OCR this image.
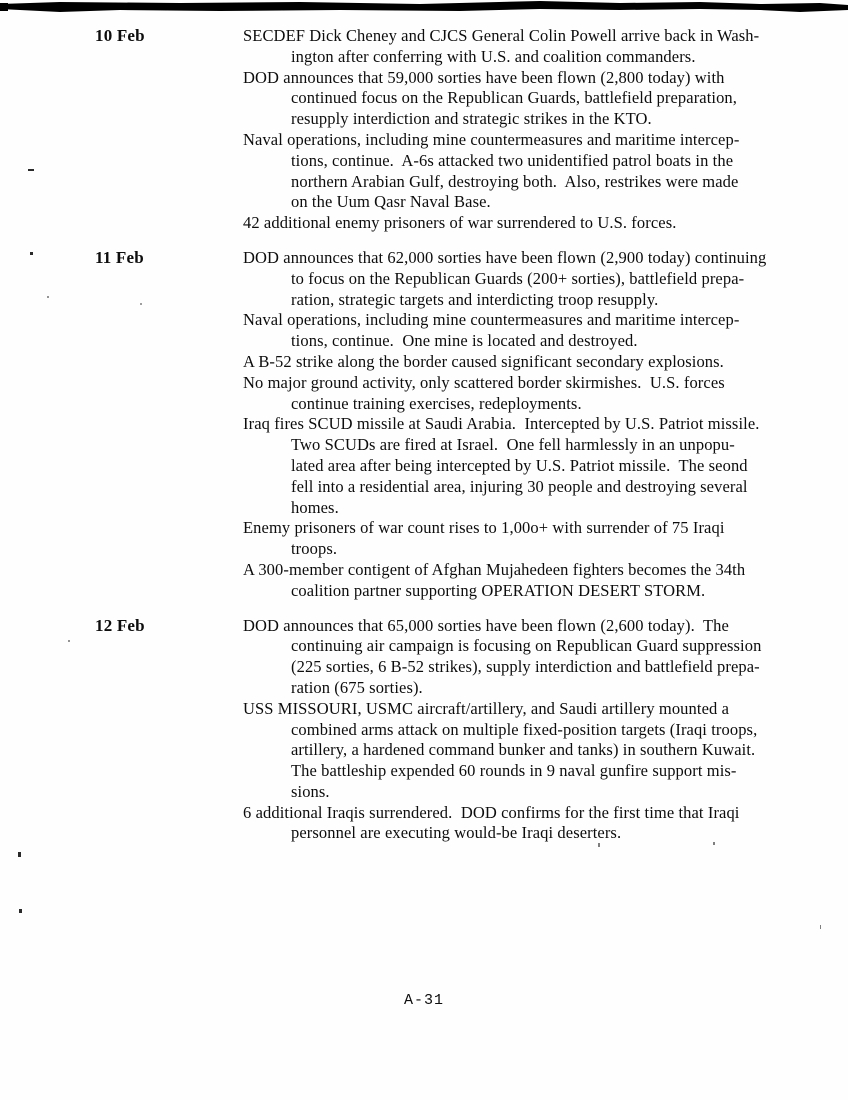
10 Feb	SECDEF Dick Cheney and CJCS General Colin Powell arrive back in Wash-
ington after conferring with U.S. and coalition commanders.
DOD announces that 59,000 sorties have been flown (2,800 today) with
continued focus on the Republican Guards, battlefield preparation,
resupply interdiction and strategic strikes in the KTO.
Naval operations, including mine countermeasures and maritime intercep-
tions, continue.  A-6s attacked two unidentified patrol boats in the
northern Arabian Gulf, destroying both.  Also, restrikes were made
on the Uum Qasr Naval Base.
42 additional enemy prisoners of war surrendered to U.S. forces.
11 Feb	DOD announces that 62,000 sorties have been flown (2,900 today) continuing
to focus on the Republican Guards (200+ sorties), battlefield prepa-
ration, strategic targets and interdicting troop resupply.
Naval operations, including mine countermeasures and maritime intercep-
tions, continue.  One mine is located and destroyed.
A B-52 strike along the border caused significant secondary explosions.
No major ground activity, only scattered border skirmishes.  U.S. forces
continue training exercises, redeployments.
Iraq fires SCUD missile at Saudi Arabia.  Intercepted by U.S. Patriot missile.
Two SCUDs are fired at Israel.  One fell harmlessly in an unpopu-
lated area after being intercepted by U.S. Patriot missile.  The seond
fell into a residential area, injuring 30 people and destroying several
homes.
Enemy prisoners of war count rises to 1,00o+ with surrender of 75 Iraqi
troops.
A 300-member contigent of Afghan Mujahedeen fighters becomes the 34th
coalition partner supporting OPERATION DESERT STORM.
12 Feb	DOD announces that 65,000 sorties have been flown (2,600 today).  The
continuing air campaign is focusing on Republican Guard suppression
(225 sorties, 6 B-52 strikes), supply interdiction and battlefield prepa-
ration (675 sorties).
USS MISSOURI, USMC aircraft/artillery, and Saudi artillery mounted a
combined arms attack on multiple fixed-position targets (Iraqi troops,
artillery, a hardened command bunker and tanks) in southern Kuwait.
The battleship expended 60 rounds in 9 naval gunfire support mis-
sions.
6 additional Iraqis surrendered.  DOD confirms for the first time that Iraqi
personnel are executing would-be Iraqi deserters.
A-31
